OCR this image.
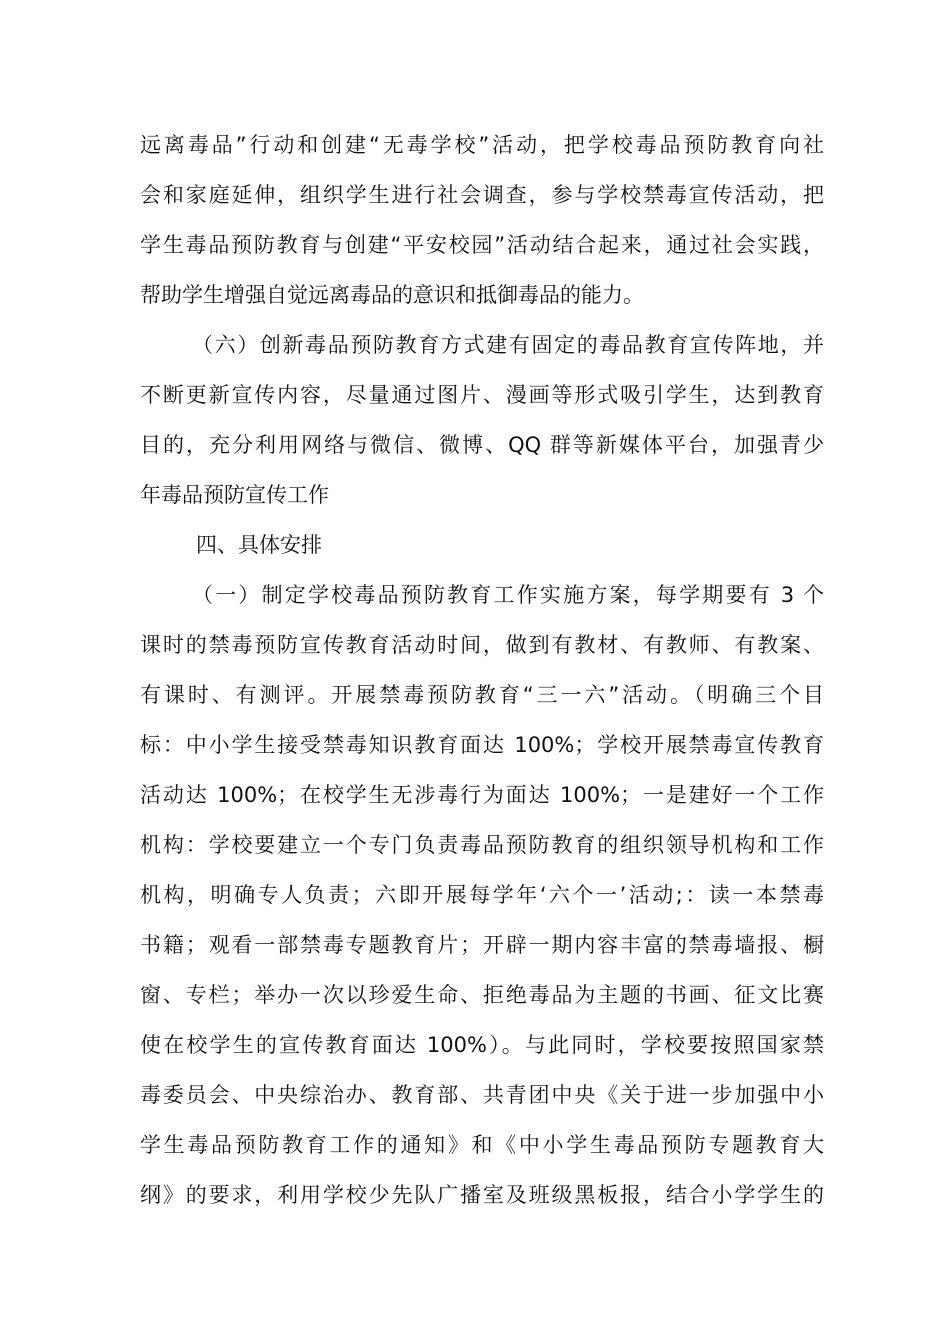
远离毒品”行动和创建“无毒学校”活动，把学校毒品预防教育向社
会和家庭延伸，组织学生进行社会调查，参与学校禁毒宣传活动，把
学生毒品预防教育与创建“平安校园”活动结合起来，通过社会实践，
帮助学生增强自觉远离毒品的意识和抵御毒品的能力。
（六）创新毒品预防教育方式建有固定的毒品教育宣传阵地，并
不断更新宣传内容，尽量通过图片、漫画等形式吸引学生，达到教育
目的，充分利用网络与微信、微博、QQ 群等新媒体平台，加强青少
年毒品预防宣传工作
四、具体安排
（一）制定学校毒品预防教育工作实施方案，每学期要有 3 个
课时的禁毒预防宣传教育活动时间，做到有教材、有教师、有教案、
有课时、有测评。开展禁毒预防教育“三一六”活动。（明确三个目
标：中小学生接受禁毒知识教育面达 100%；学校开展禁毒宣传教育
活动达 100%；在校学生无涉毒行为面达 100%；一是建好一个工作
机构：学校要建立一个专门负责毒品预防教育的组织领导机构和工作
机构，明确专人负责；六即开展每学年‘六个一’活动;：读一本禁毒
书籍；观看一部禁毒专题教育片；开辟一期内容丰富的禁毒墙报、橱
窗、专栏；举办一次以珍爱生命、拒绝毒品为主题的书画、征文比赛
使在校学生的宣传教育面达 100%）。与此同时，学校要按照国家禁
毒委员会、中央综治办、教育部、共青团中央《关于进一步加强中小
学生毒品预防教育工作的通知》和《中小学生毒品预防专题教育大
纲》的要求，利用学校少先队广播室及班级黑板报，结合小学学生的
